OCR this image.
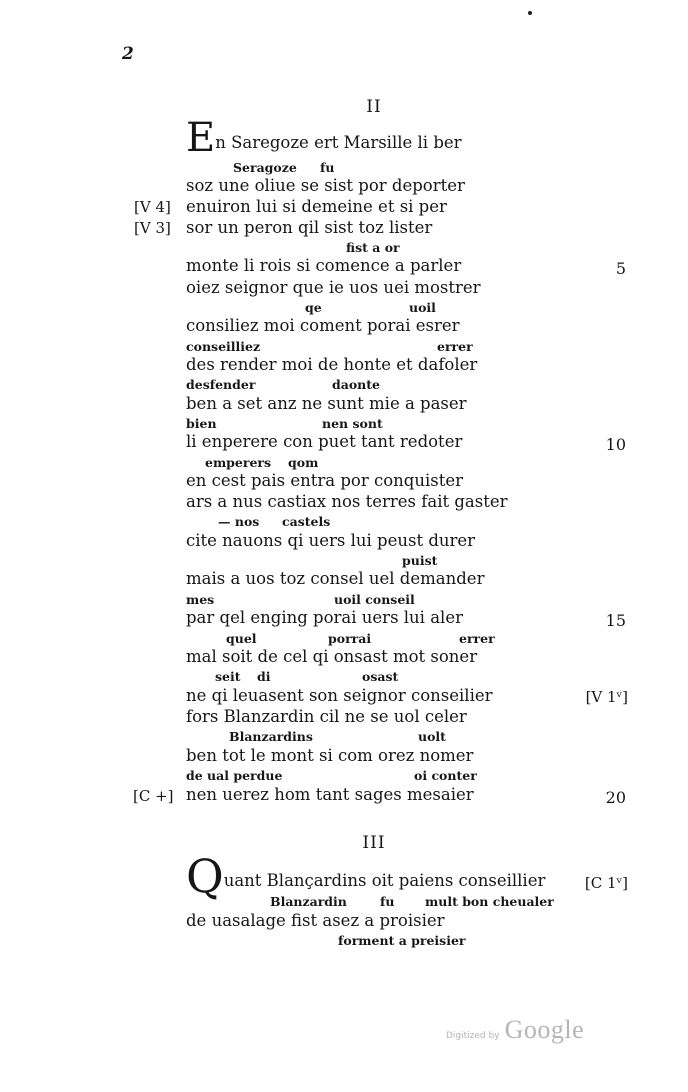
2
II
En Saregoze ert Marsille li ber
Seragoze fu
soz une oliue se sist por deporter
[V 4] enuiron lui si demeine et si per
[V 3] sor un peron qil sist toz lister
fist a or
monte li rois si comence a parler	5
oiez seignor que ie uos uei mostrer
qe	uoil
consiliez moi coment porai esrer
conseilliez	errer
des render moi de honte et dafoler
desfender	daonte
ben a set anz ne sunt mie a paser
bien	nen sont
li enperere con puet tant redoter	10
emperers qom
en cest pais entra por conquister
ars a nus castiax nos terres fait gaster
— nos castels
cite nauons qi uers lui peust durer
puist
mais a uos toz consel uel demander
mes	uoil conseil
par qel enging porai uers lui aler	15
quel	porrai	errer
mal soit de cel qi onsast mot soner
seit di	osast
ne qi leuasent son seignor conseilier	[V 1ᵛ]
fors Blanzardin cil ne se uol celer
Blanzardins	uolt
ben tot le mont si com orez nomer
de ual perdue	oi conter
[C +] nen uerez hom tant sages mesaier	20
III
Quant Blançardins oit paiens conseillier	[C 1ᵛ]
Blanzardin	fu mult bon cheualer
de uasalage fist asez a proisier
forment a preisier
Digitized by Google
